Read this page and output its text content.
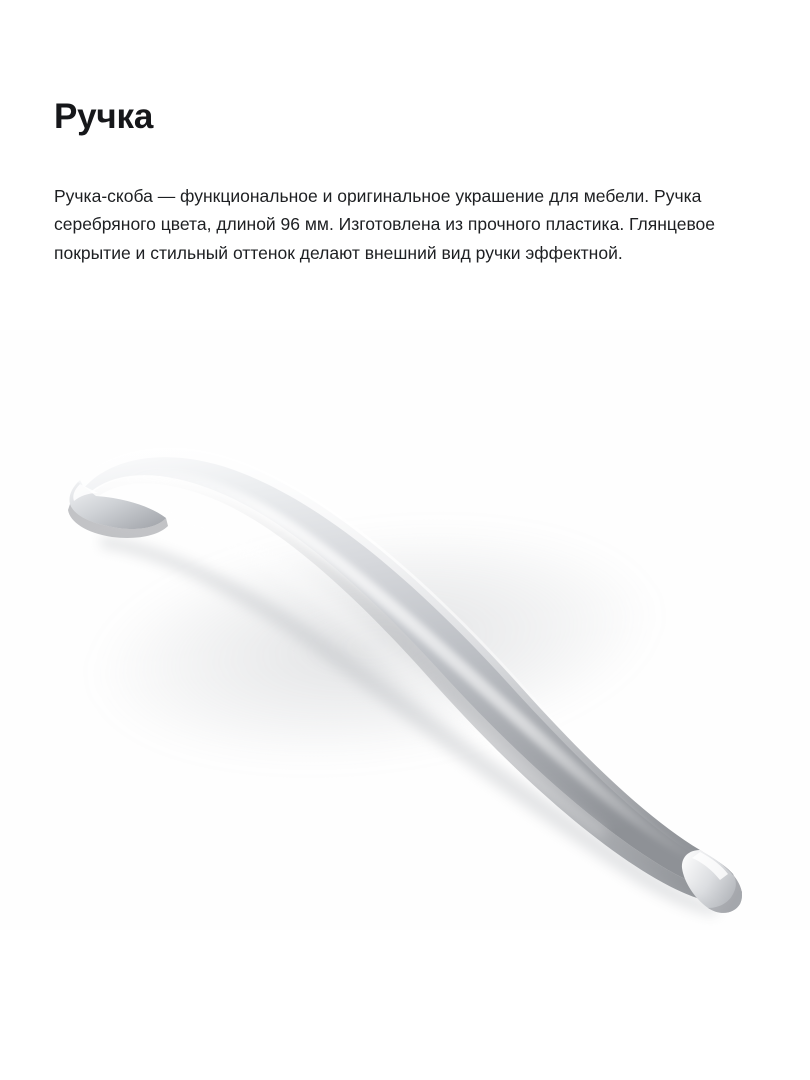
Ручка

Ручка-скоба — функциональное и оригинальное украшение для мебели. Ручка серебряного цвета, длиной 96 мм. Изготовлена из прочного пластика. Глянцевое покрытие и стильный оттенок делают внешний вид ручки эффектной.
